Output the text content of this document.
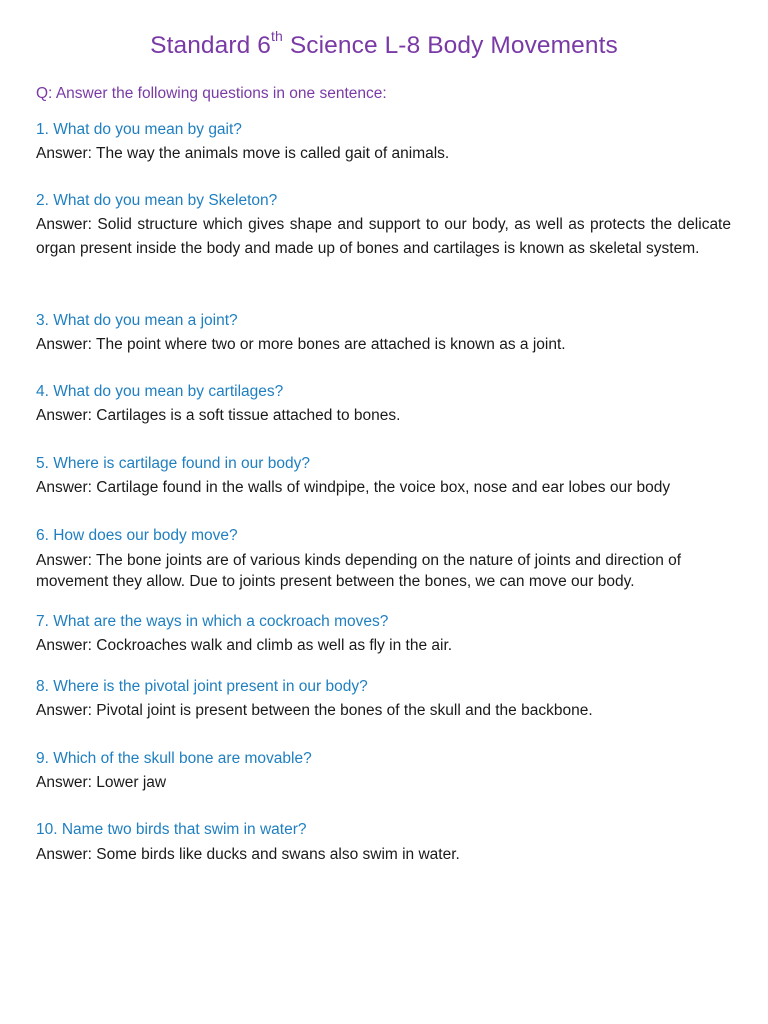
Standard 6th Science L-8 Body Movements

Q: Answer the following questions in one sentence:

1. What do you mean by gait?

Answer: The way the animals move is called gait of animals.

2. What do you mean by Skeleton?

Answer: Solid structure which gives shape and support to our body, as well as protects the delicate organ present inside the body and made up of bones and cartilages is known as skeletal system.

3. What do you mean a joint?

Answer: The point where two or more bones are attached is known as a joint.

4. What do you mean by cartilages?

Answer: Cartilages is a soft tissue attached to bones.

5. Where is cartilage found in our body?

Answer: Cartilage found in the walls of windpipe, the voice box, nose and ear lobes our body

6. How does our body move?

Answer: The bone joints are of various kinds depending on the nature of joints and direction of movement they allow. Due to joints present between the bones, we can move our body.

7. What are the ways in which a cockroach moves?

Answer: Cockroaches walk and climb as well as fly in the air.

8. Where is the pivotal joint present in our body?

Answer: Pivotal joint is present between the bones of the skull and the backbone.

9. Which of the skull bone are movable?

Answer: Lower jaw

10. Name two birds that swim in water?

Answer: Some birds like ducks and swans also swim in water.
